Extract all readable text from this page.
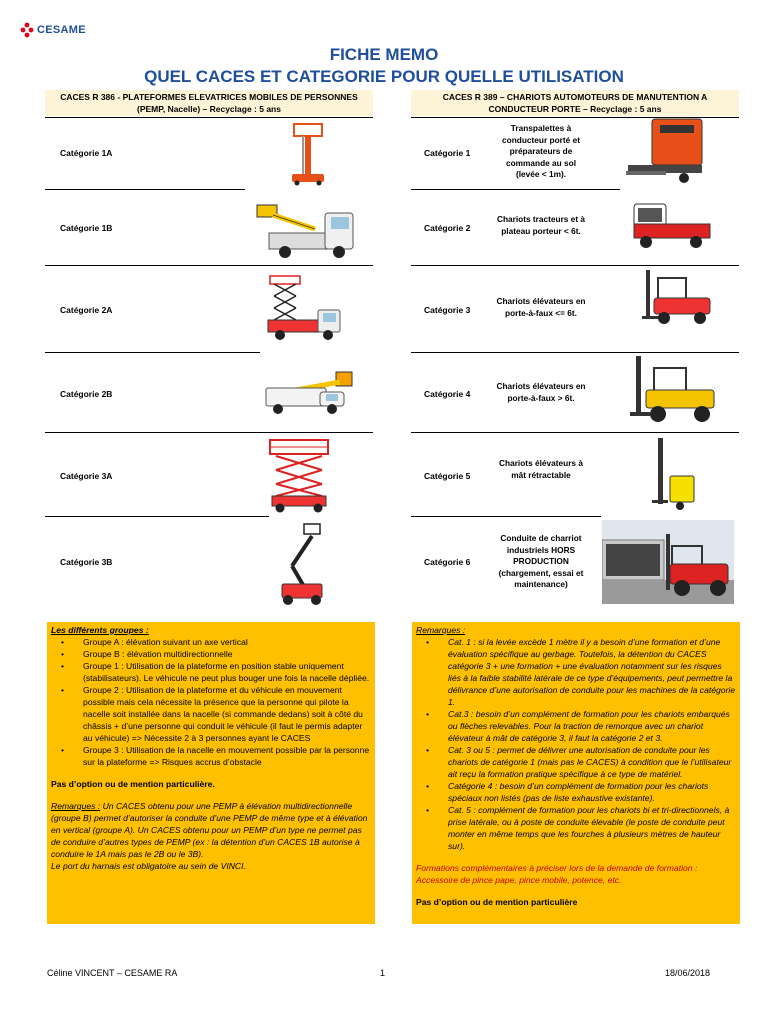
CESAME
FICHE MEMO
QUEL CACES ET CATEGORIE POUR QUELLE UTILISATION
CACES R 386 - PLATEFORMES ELEVATRICES MOBILES DE PERSONNES
(PEMP, Nacelle) – Recyclage : 5 ans
CACES R 389 – CHARIOTS AUTOMOTEURS DE MANUTENTION A
CONDUCTEUR PORTE – Recyclage : 5 ans
Catégorie 1A
Catégorie 1B
Catégorie 2A
Catégorie 2B
Catégorie 3A
Catégorie 3B
Catégorie 1
Catégorie 2
Catégorie 3
Catégorie 4
Catégorie 5
Catégorie 6
Transpalettes à
conducteur porté et
préparateurs de
commande au sol
(levée < 1m).
Chariots tracteurs et à
plateau porteur < 6t.
Chariots élévateurs en
porte-à-faux <= 6t.
Chariots élévateurs en
porte-à-faux > 6t.
Chariots élévateurs à
mât rétractable
Conduite de charriot
industriels HORS
PRODUCTION
(chargement, essai et
maintenance)
Les différents groupes :
• Groupe A : élévation suivant un axe vertical
• Groupe B : élévation multidirectionnelle
• Groupe 1 : Utilisation de la plateforme en position stable uniquement (stabilisateurs). Le véhicule ne peut plus bouger une fois la nacelle dépliée.
• Groupe 2 : Utilisation de la plateforme et du véhicule en mouvement possible mais cela nécessite la présence que la personne qui pilote la nacelle soit installée dans la nacelle (si commande dedans) soit à côté du châssis + d’une personne qui conduit le véhicule (il faut le permis adapter au véhicule) => Nécessite 2 à 3 personnes ayant le CACES
• Groupe 3 : Utilisation de la nacelle en mouvement possible par la personne sur la plateforme => Risques accrus d’obstacle
Pas d’option ou de mention particulière.
Remarques : Un CACES obtenu pour une PEMP à élévation multidirectionnelle (groupe B) permet d’autoriser la conduite d’une PEMP de même type et à élévation en vertical (groupe A). Un CACES obtenu pour un PEMP d’un type ne permet pas de conduire d’autres types de PEMP (ex : la détention d’un CACES 1B autorise à conduire le 1A mais pas le 2B ou le 3B).
Le port du harnais est obligatoire au sein de VINCI.
Remarques :
• Cat. 1 : si la levée excède 1 mètre il y a besoin d’une formation et d’une évaluation spécifique au gerbage. Toutefois, la détention du CACES catégorie 3 + une formation + une évaluation notamment sur les risques liés à la faible stabilité latérale de ce type d’équipements, peut permettre la délivrance d’une autorisation de conduite pour les machines de la catégorie 1.
• Cat.3 : besoin d’un complément de formation pour les chariots embarqués ou flèches relevables. Pour la traction de remorque avec un chariot élévateur à mât de catégorie 3, il faut la catégorie 2 et 3.
• Cat. 3 ou 5 : permet de délivrer une autorisation de conduite pour les chariots de catégorie 1 (mais pas le CACES) à condition que le l’utilisateur ait reçu la formation pratique spécifique à ce type de matériel.
• Catégorie 4 : besoin d’un complément de formation pour les chariots spéciaux non listés (pas de liste exhaustive existante).
• Cat. 5 : complément de formation pour les chariots bi et tri-directionnels, à prise latérale, ou à poste de conduite élevable (le poste de conduite peut monter en même temps que les fourches à plusieurs mètres de hauteur sur).
Formations complémentaires à préciser lors de la demande de formation : Accessoire de pince pape, pince mobile, potence, etc.
Pas d’option ou de mention particulière
Céline VINCENT – CESAME RA	1	18/06/2018
